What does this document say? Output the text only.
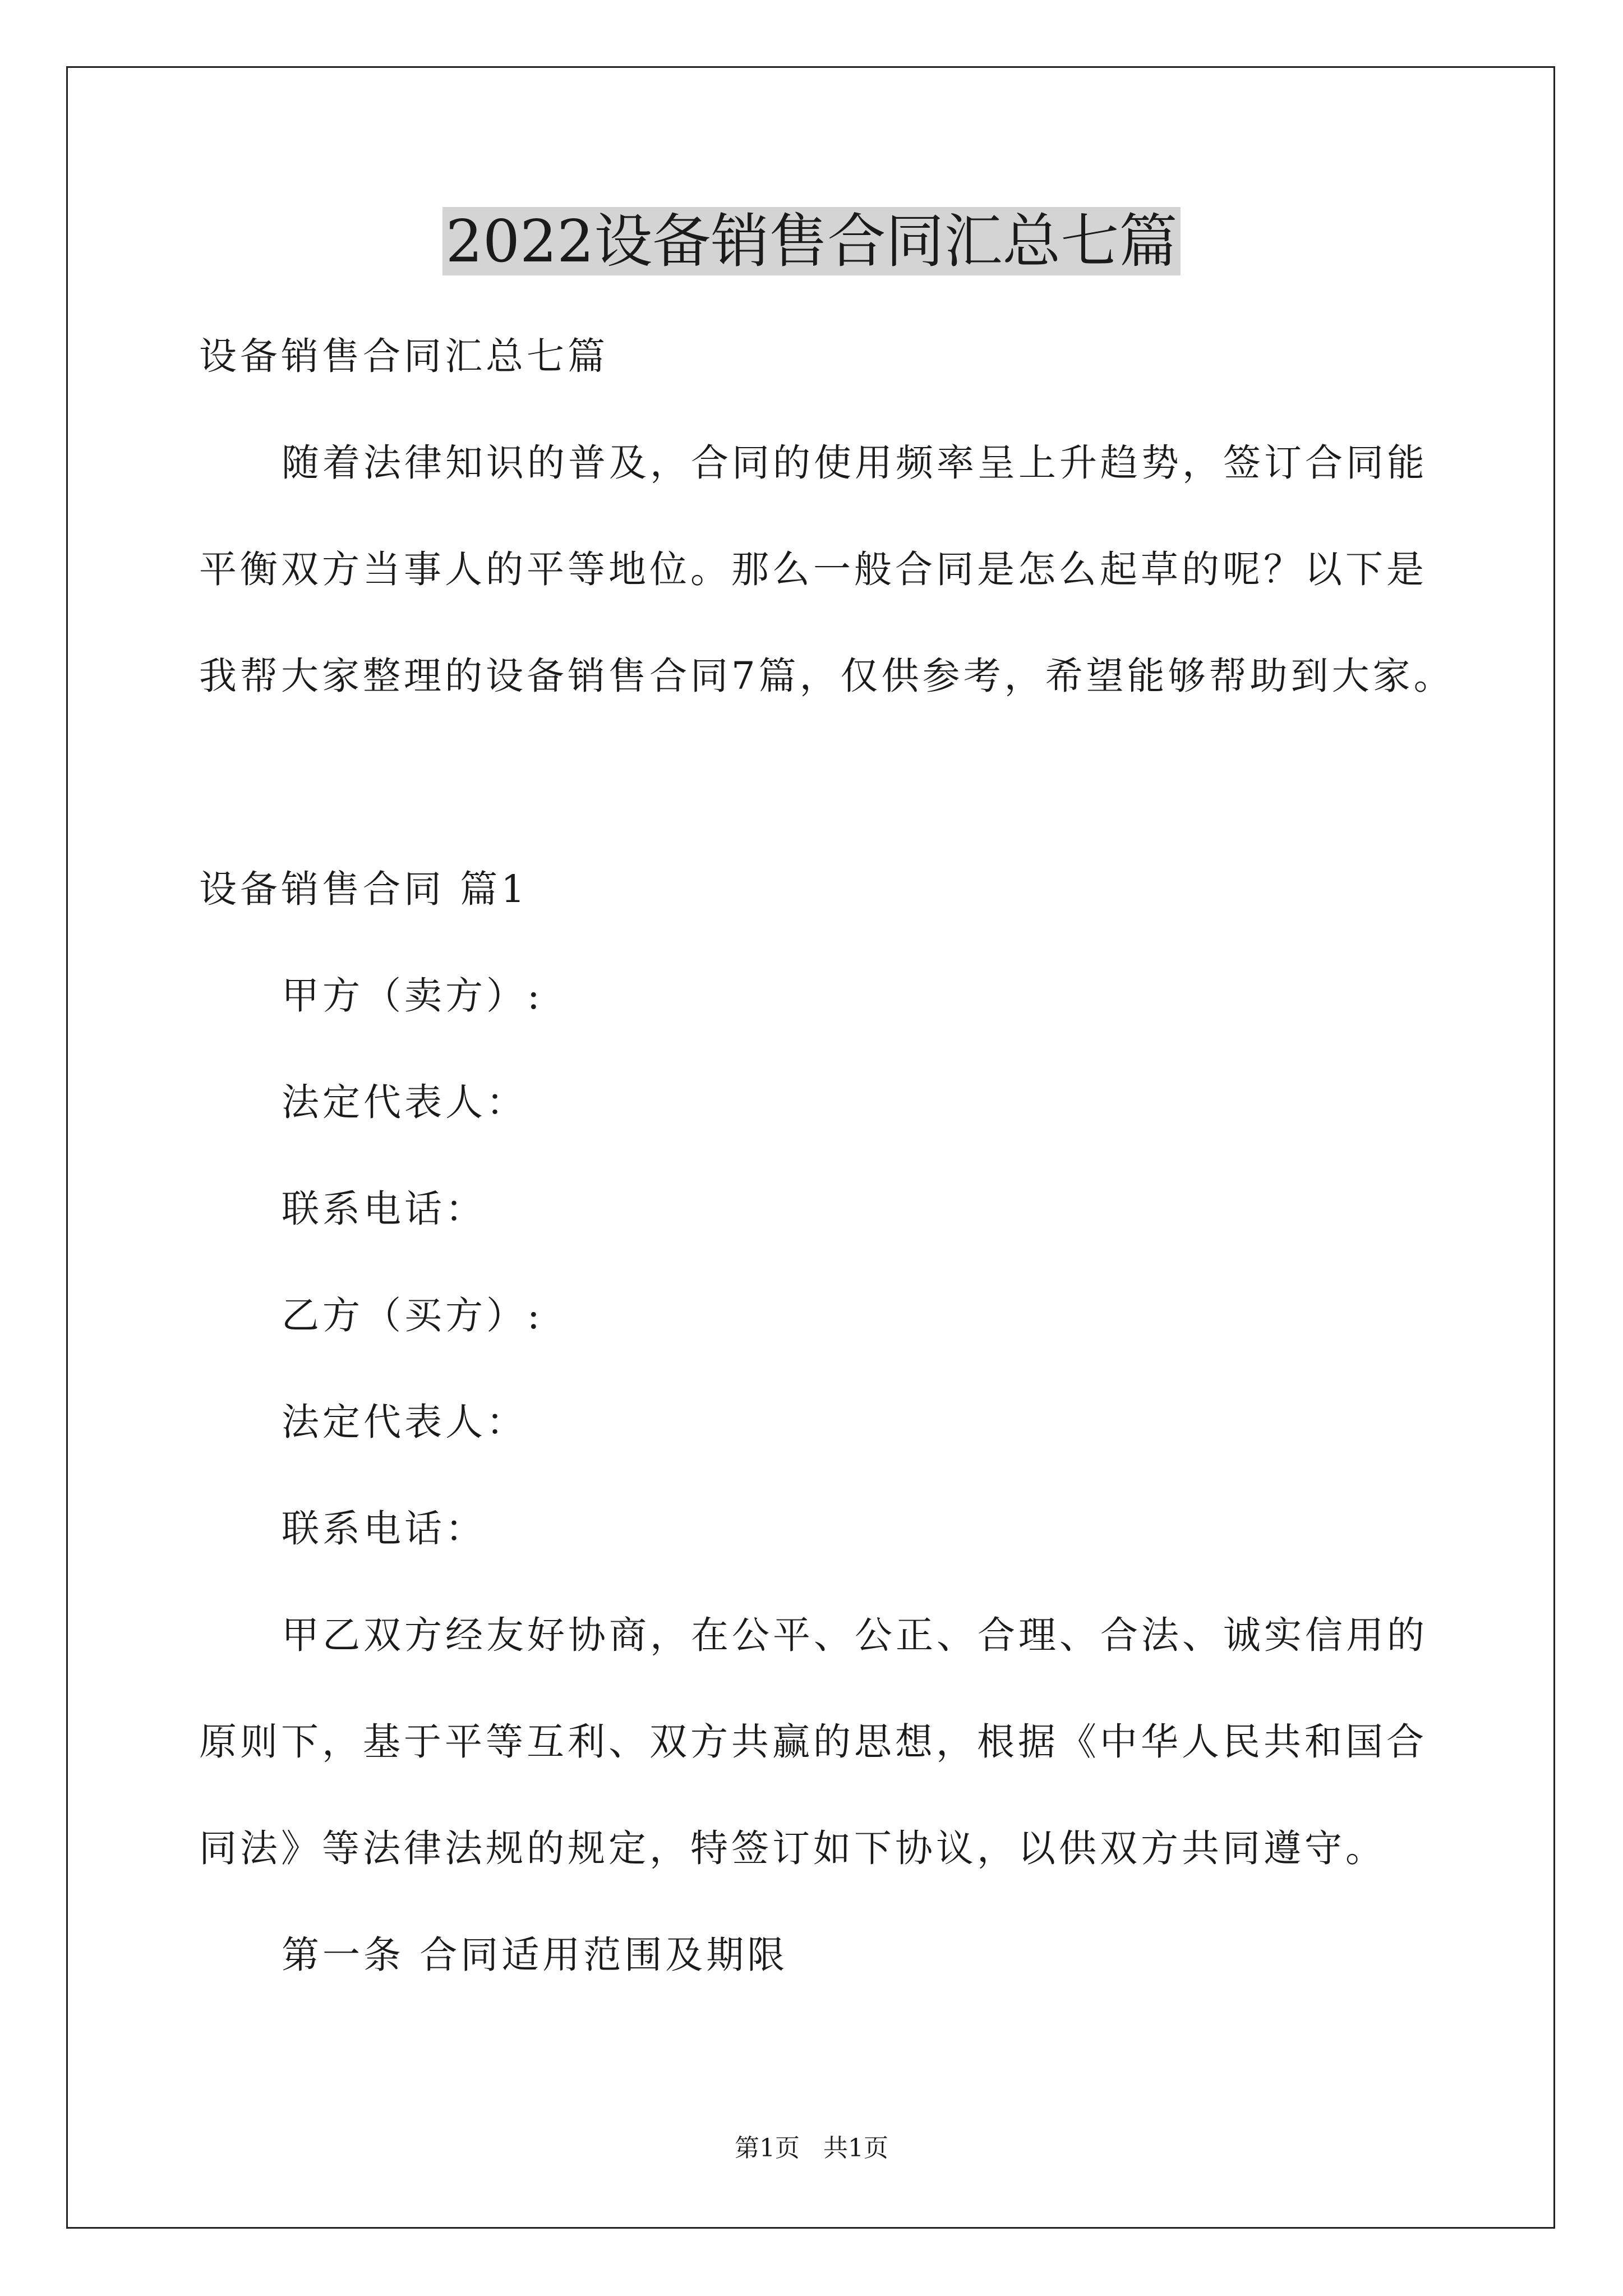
2022设备销售合同汇总七篇

设备销售合同汇总七篇

随着法律知识的普及，合同的使用频率呈上升趋势，签订合同能

平衡双方当事人的平等地位。那么一般合同是怎么起草的呢？以下是

我帮大家整理的设备销售合同7篇，仅供参考，希望能够帮助到大家。

设备销售合同 篇1

甲方（卖方）:

法定代表人：

联系电话：

乙方（买方）:

法定代表人：

联系电话：

甲乙双方经友好协商，在公平、公正、合理、合法、诚实信用的

原则下，基于平等互利、双方共赢的思想，根据《中华人民共和国合

同法》等法律法规的规定，特签订如下协议，以供双方共同遵守。

第一条 合同适用范围及期限

第1页 共1页
